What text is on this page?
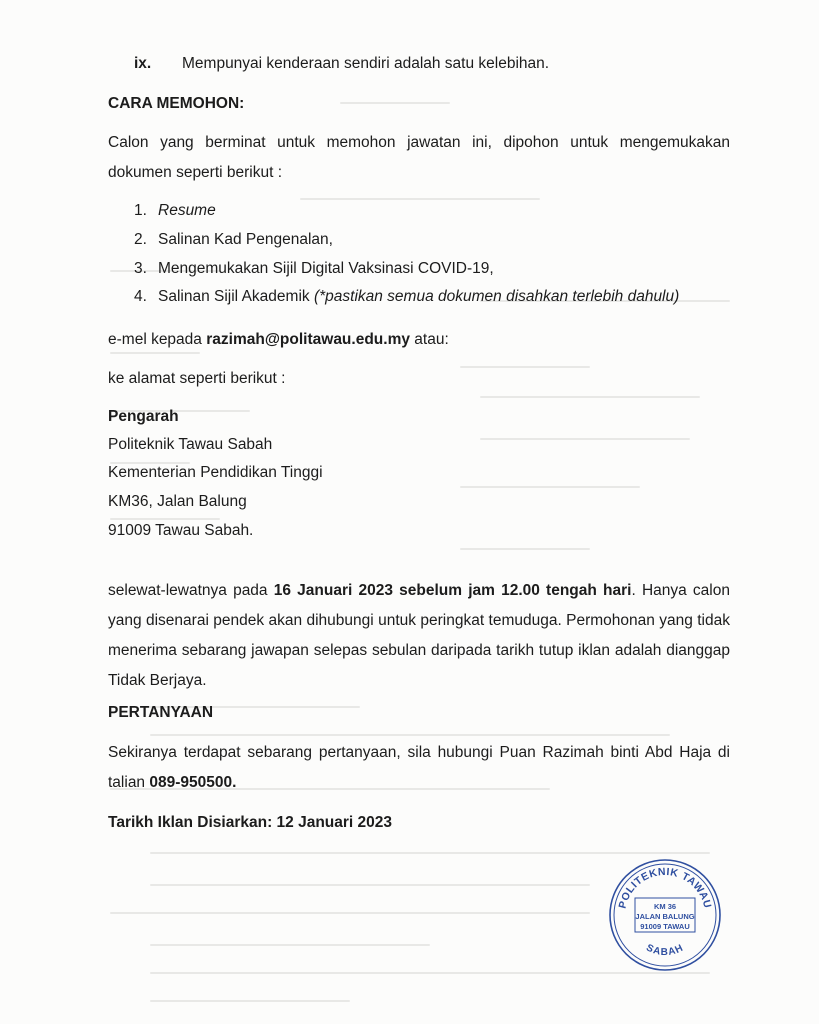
ix. Mempunyai kenderaan sendiri adalah satu kelebihan.
CARA MEMOHON:
Calon yang berminat untuk memohon jawatan ini, dipohon untuk mengemukakan dokumen seperti berikut :
1. Resume
2. Salinan Kad Pengenalan,
3. Mengemukakan Sijil Digital Vaksinasi COVID-19,
4. Salinan Sijil Akademik (*pastikan semua dokumen disahkan terlebih dahulu)
e-mel kepada razimah@politawau.edu.my atau:
ke alamat seperti berikut :
Pengarah
Politeknik Tawau Sabah
Kementerian Pendidikan Tinggi
KM36, Jalan Balung
91009 Tawau Sabah.
selewat-lewatnya pada 16 Januari 2023 sebelum jam 12.00 tengah hari. Hanya calon yang disenarai pendek akan dihubungi untuk peringkat temuduga. Permohonan yang tidak menerima sebarang jawapan selepas sebulan daripada tarikh tutup iklan adalah dianggap Tidak Berjaya.
PERTANYAAN
Sekiranya terdapat sebarang pertanyaan, sila hubungi Puan Razimah binti Abd Haja di talian 089-950500.
Tarikh Iklan Disiarkan: 12 Januari 2023
POLITEKNIK TAWAU
KM 36
JALAN BALUNG
91009 TAWAU
SABAH
